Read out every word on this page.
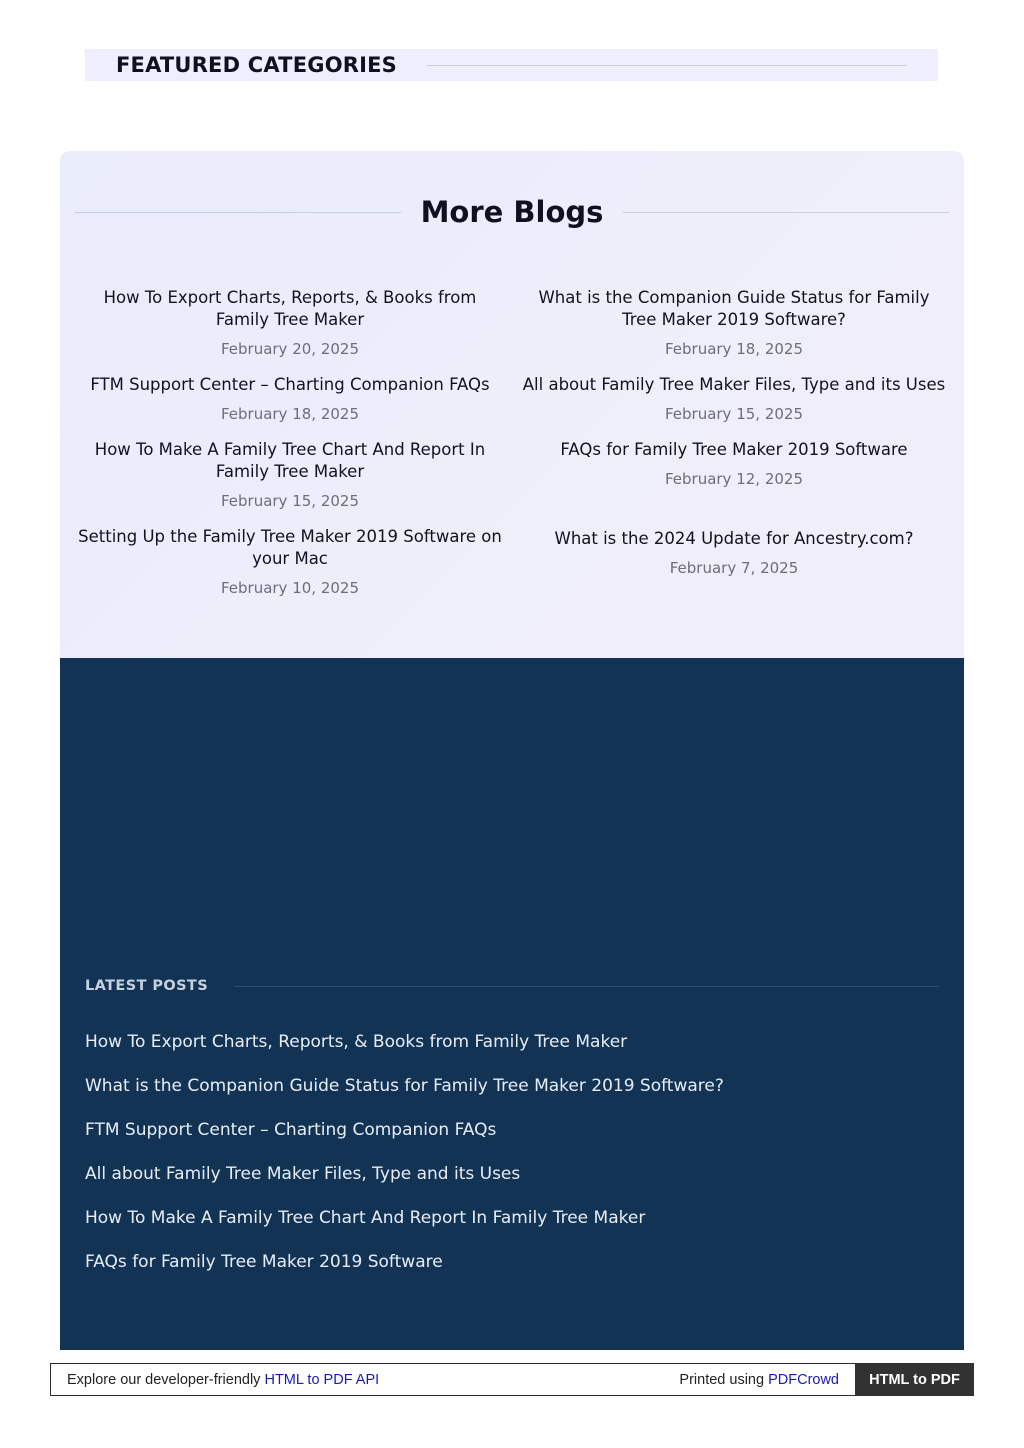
FEATURED CATEGORIES
More Blogs
How To Export Charts, Reports, & Books from Family Tree Maker
February 20, 2025
FTM Support Center – Charting Companion FAQs
February 18, 2025
How To Make A Family Tree Chart And Report In Family Tree Maker
February 15, 2025
Setting Up the Family Tree Maker 2019 Software on your Mac
February 10, 2025
What is the Companion Guide Status for Family Tree Maker 2019 Software?
February 18, 2025
All about Family Tree Maker Files, Type and its Uses
February 15, 2025
FAQs for Family Tree Maker 2019 Software
February 12, 2025
What is the 2024 Update for Ancestry.com?
February 7, 2025
LATEST POSTS
How To Export Charts, Reports, & Books from Family Tree Maker
What is the Companion Guide Status for Family Tree Maker 2019 Software?
FTM Support Center – Charting Companion FAQs
All about Family Tree Maker Files, Type and its Uses
How To Make A Family Tree Chart And Report In Family Tree Maker
FAQs for Family Tree Maker 2019 Software
Explore our developer-friendly HTML to PDF API	Printed using PDFCrowd	HTML to PDF
